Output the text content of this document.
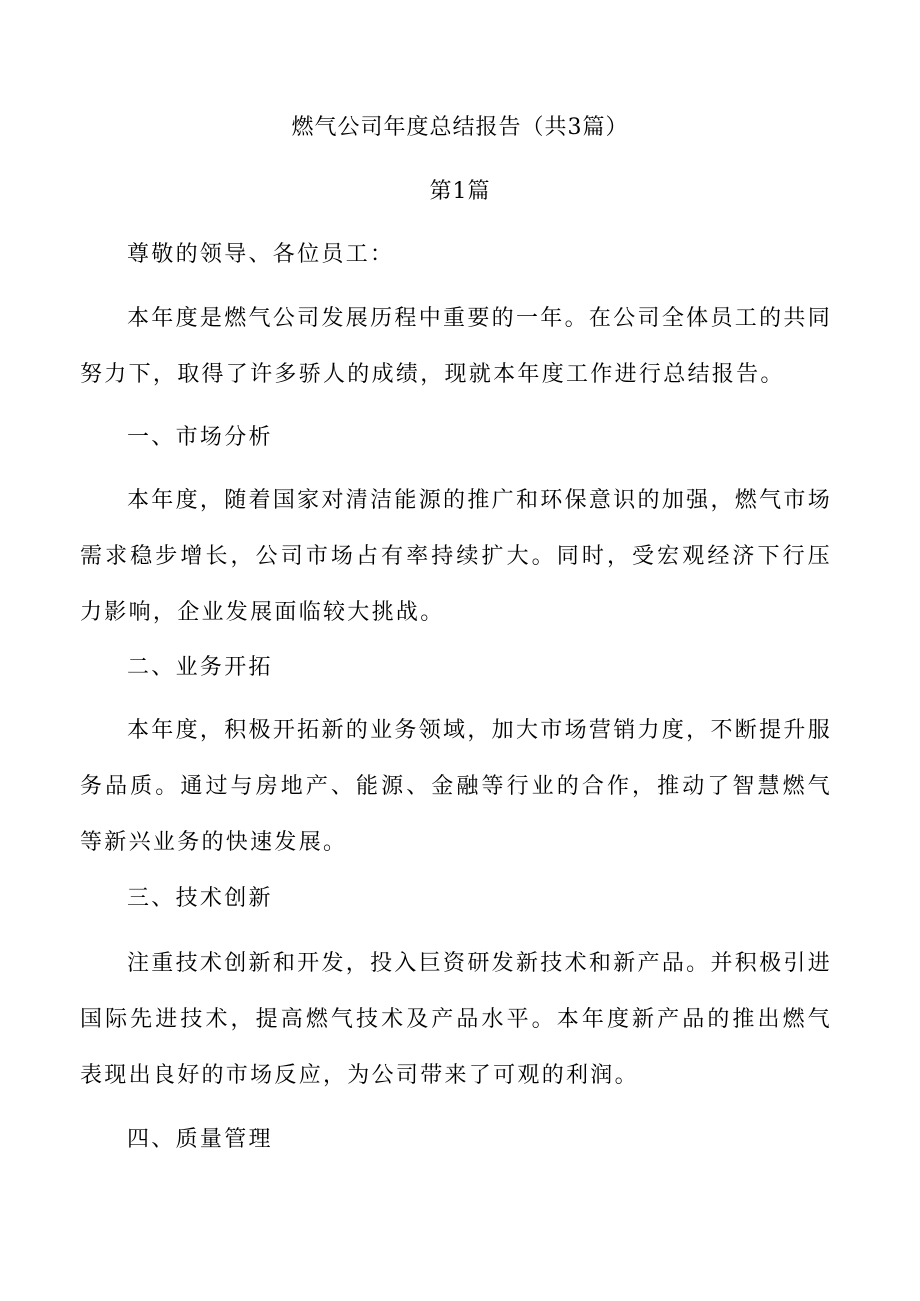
燃气公司年度总结报告（共3篇）
第1篇
尊敬的领导、各位员工：

本年度是燃气公司发展历程中重要的一年。在公司全体员工的共同努力下，取得了许多骄人的成绩，现就本年度工作进行总结报告。

一、市场分析

本年度，随着国家对清洁能源的推广和环保意识的加强，燃气市场需求稳步增长，公司市场占有率持续扩大。同时，受宏观经济下行压力影响，企业发展面临较大挑战。

二、业务开拓

本年度，积极开拓新的业务领域，加大市场营销力度，不断提升服务品质。通过与房地产、能源、金融等行业的合作，推动了智慧燃气等新兴业务的快速发展。

三、技术创新

注重技术创新和开发，投入巨资研发新技术和新产品。并积极引进国际先进技术，提高燃气技术及产品水平。本年度新产品的推出燃气表现出良好的市场反应，为公司带来了可观的利润。

四、质量管理
